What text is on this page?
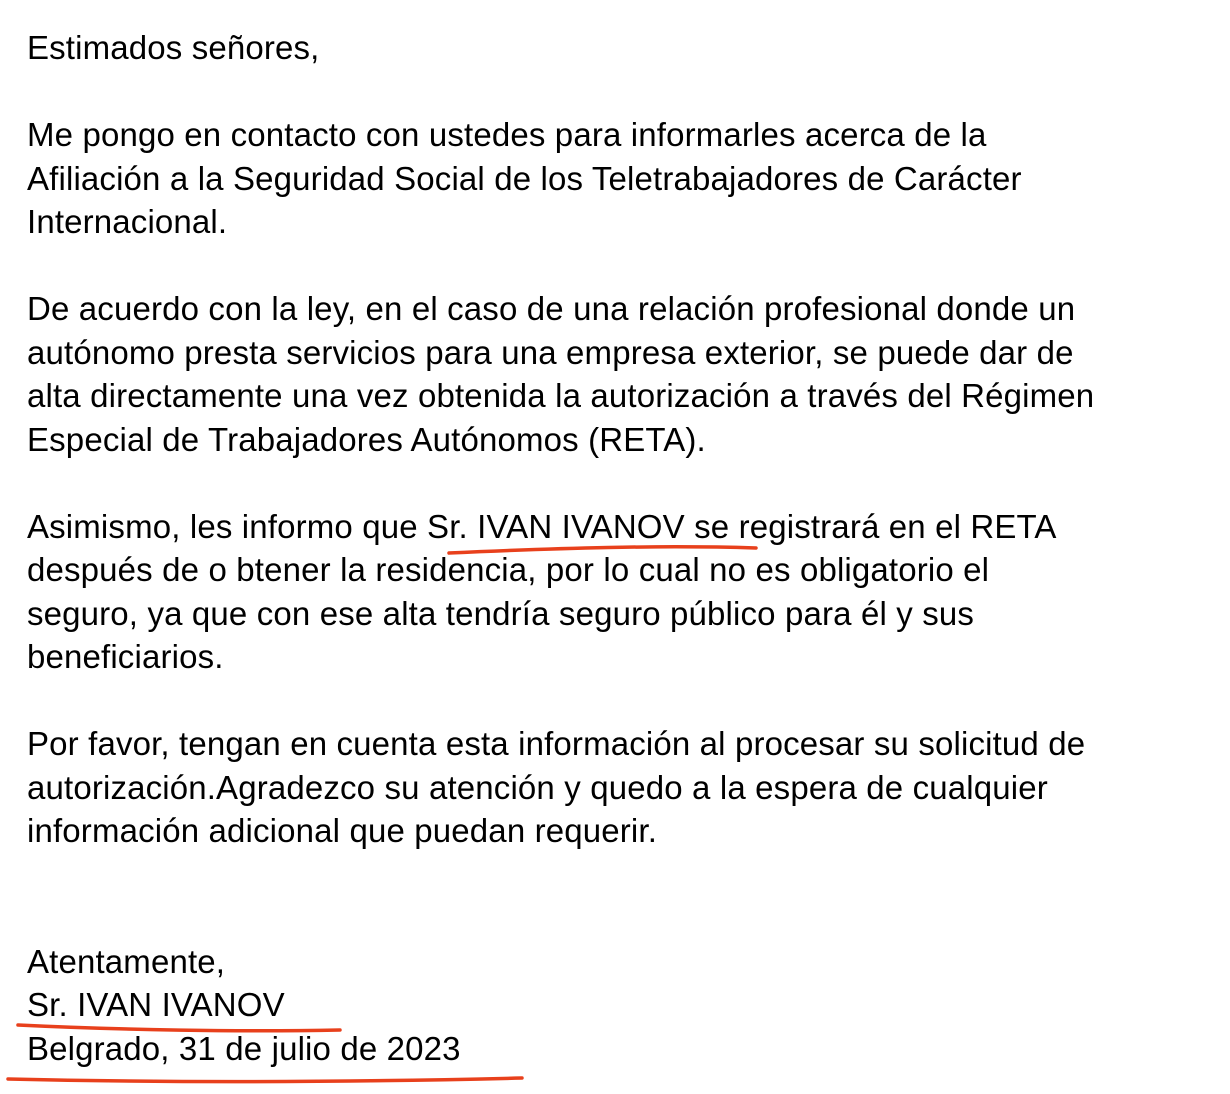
Estimados señores,

Me pongo en contacto con ustedes para informarles acerca de la
Afiliación a la Seguridad Social de los Teletrabajadores de Carácter
Internacional.

De acuerdo con la ley, en el caso de una relación profesional donde un
autónomo presta servicios para una empresa exterior, se puede dar de
alta directamente una vez obtenida la autorización a través del Régimen
Especial de Trabajadores Autónomos (RETA).

Asimismo, les informo que Sr. IVAN IVANOV se registrará en el RETA
después de o btener la residencia, por lo cual no es obligatorio el
seguro, ya que con ese alta tendría seguro público para él y sus
beneficiarios.

Por favor, tengan en cuenta esta información al procesar su solicitud de
autorización.Agradezco su atención y quedo a la espera de cualquier
información adicional que puedan requerir.

Atentamente,

Sr. IVAN IVANOV

Belgrado, 31 de julio de 2023
